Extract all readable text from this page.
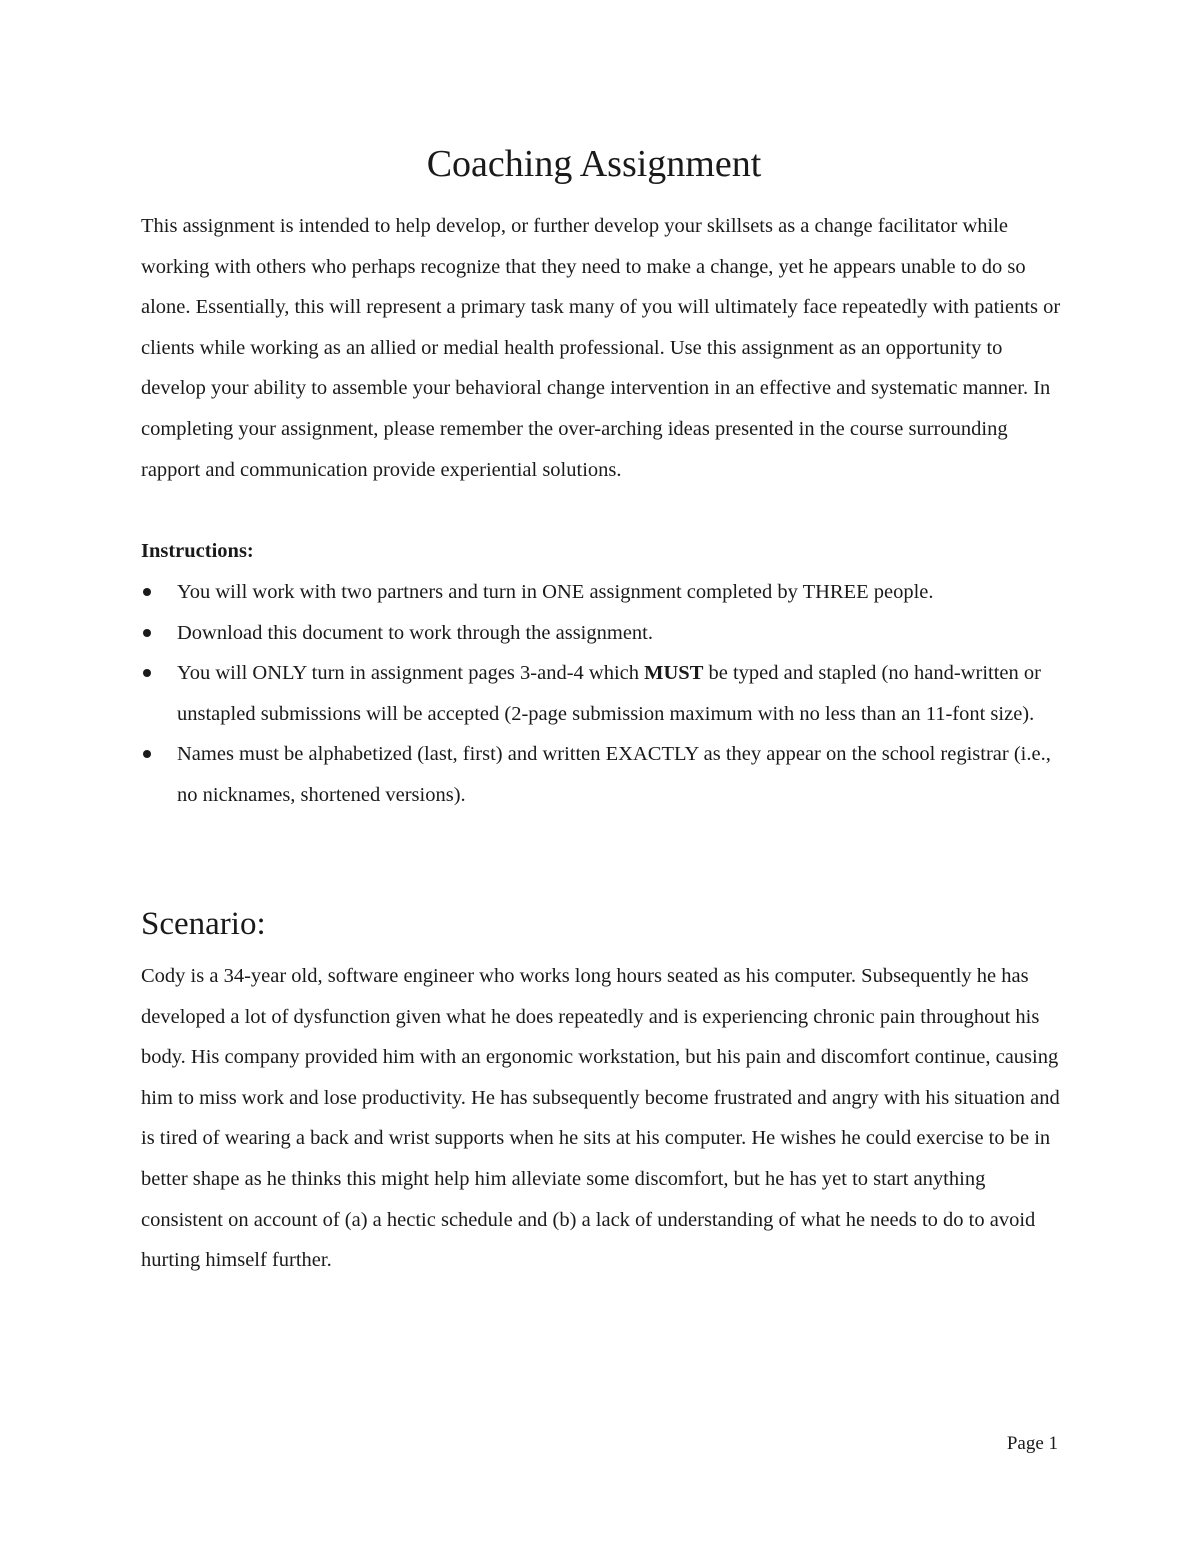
Coaching Assignment

This assignment is intended to help develop, or further develop your skillsets as a change facilitator while working with others who perhaps recognize that they need to make a change, yet he appears unable to do so alone. Essentially, this will represent a primary task many of you will ultimately face repeatedly with patients or clients while working as an allied or medial health professional. Use this assignment as an opportunity to develop your ability to assemble your behavioral change intervention in an effective and systematic manner. In completing your assignment, please remember the over-arching ideas presented in the course surrounding rapport and communication provide experiential solutions.

Instructions:

You will work with two partners and turn in ONE assignment completed by THREE people.
Download this document to work through the assignment.
You will ONLY turn in assignment pages 3-and-4 which MUST be typed and stapled (no hand-written or unstapled submissions will be accepted (2-page submission maximum with no less than an 11-font size).
Names must be alphabetized (last, first) and written EXACTLY as they appear on the school registrar (i.e., no nicknames, shortened versions).
Scenario:

Cody is a 34-year old, software engineer who works long hours seated as his computer. Subsequently he has developed a lot of dysfunction given what he does repeatedly and is experiencing chronic pain throughout his body. His company provided him with an ergonomic workstation, but his pain and discomfort continue, causing him to miss work and lose productivity. He has subsequently become frustrated and angry with his situation and is tired of wearing a back and wrist supports when he sits at his computer. He wishes he could exercise to be in better shape as he thinks this might help him alleviate some discomfort, but he has yet to start anything consistent on account of (a) a hectic schedule and (b) a lack of understanding of what he needs to do to avoid hurting himself further.

Page 1
